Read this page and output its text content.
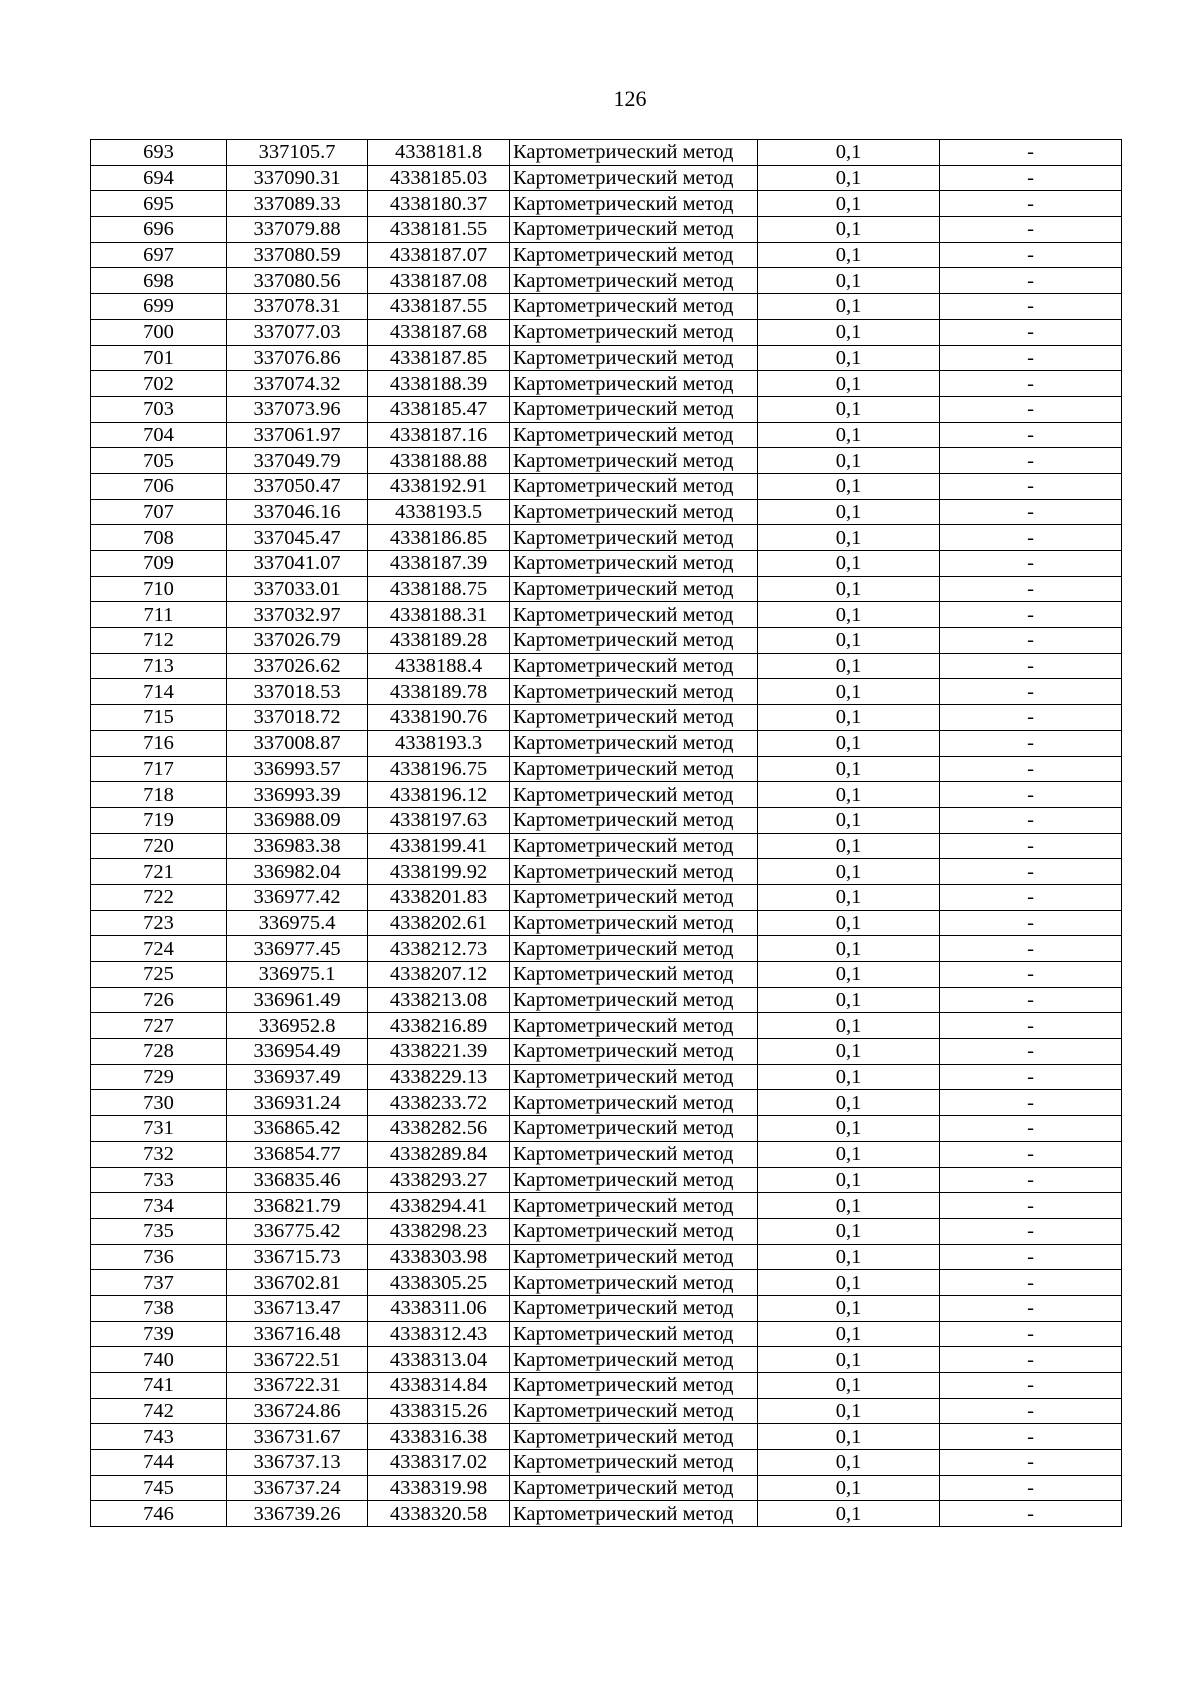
126
693	337105.7	4338181.8	Картометрический метод	0,1	-
694	337090.31	4338185.03	Картометрический метод	0,1	-
695	337089.33	4338180.37	Картометрический метод	0,1	-
696	337079.88	4338181.55	Картометрический метод	0,1	-
697	337080.59	4338187.07	Картометрический метод	0,1	-
698	337080.56	4338187.08	Картометрический метод	0,1	-
699	337078.31	4338187.55	Картометрический метод	0,1	-
700	337077.03	4338187.68	Картометрический метод	0,1	-
701	337076.86	4338187.85	Картометрический метод	0,1	-
702	337074.32	4338188.39	Картометрический метод	0,1	-
703	337073.96	4338185.47	Картометрический метод	0,1	-
704	337061.97	4338187.16	Картометрический метод	0,1	-
705	337049.79	4338188.88	Картометрический метод	0,1	-
706	337050.47	4338192.91	Картометрический метод	0,1	-
707	337046.16	4338193.5	Картометрический метод	0,1	-
708	337045.47	4338186.85	Картометрический метод	0,1	-
709	337041.07	4338187.39	Картометрический метод	0,1	-
710	337033.01	4338188.75	Картометрический метод	0,1	-
711	337032.97	4338188.31	Картометрический метод	0,1	-
712	337026.79	4338189.28	Картометрический метод	0,1	-
713	337026.62	4338188.4	Картометрический метод	0,1	-
714	337018.53	4338189.78	Картометрический метод	0,1	-
715	337018.72	4338190.76	Картометрический метод	0,1	-
716	337008.87	4338193.3	Картометрический метод	0,1	-
717	336993.57	4338196.75	Картометрический метод	0,1	-
718	336993.39	4338196.12	Картометрический метод	0,1	-
719	336988.09	4338197.63	Картометрический метод	0,1	-
720	336983.38	4338199.41	Картометрический метод	0,1	-
721	336982.04	4338199.92	Картометрический метод	0,1	-
722	336977.42	4338201.83	Картометрический метод	0,1	-
723	336975.4	4338202.61	Картометрический метод	0,1	-
724	336977.45	4338212.73	Картометрический метод	0,1	-
725	336975.1	4338207.12	Картометрический метод	0,1	-
726	336961.49	4338213.08	Картометрический метод	0,1	-
727	336952.8	4338216.89	Картометрический метод	0,1	-
728	336954.49	4338221.39	Картометрический метод	0,1	-
729	336937.49	4338229.13	Картометрический метод	0,1	-
730	336931.24	4338233.72	Картометрический метод	0,1	-
731	336865.42	4338282.56	Картометрический метод	0,1	-
732	336854.77	4338289.84	Картометрический метод	0,1	-
733	336835.46	4338293.27	Картометрический метод	0,1	-
734	336821.79	4338294.41	Картометрический метод	0,1	-
735	336775.42	4338298.23	Картометрический метод	0,1	-
736	336715.73	4338303.98	Картометрический метод	0,1	-
737	336702.81	4338305.25	Картометрический метод	0,1	-
738	336713.47	4338311.06	Картометрический метод	0,1	-
739	336716.48	4338312.43	Картометрический метод	0,1	-
740	336722.51	4338313.04	Картометрический метод	0,1	-
741	336722.31	4338314.84	Картометрический метод	0,1	-
742	336724.86	4338315.26	Картометрический метод	0,1	-
743	336731.67	4338316.38	Картометрический метод	0,1	-
744	336737.13	4338317.02	Картометрический метод	0,1	-
745	336737.24	4338319.98	Картометрический метод	0,1	-
746	336739.26	4338320.58	Картометрический метод	0,1	-
